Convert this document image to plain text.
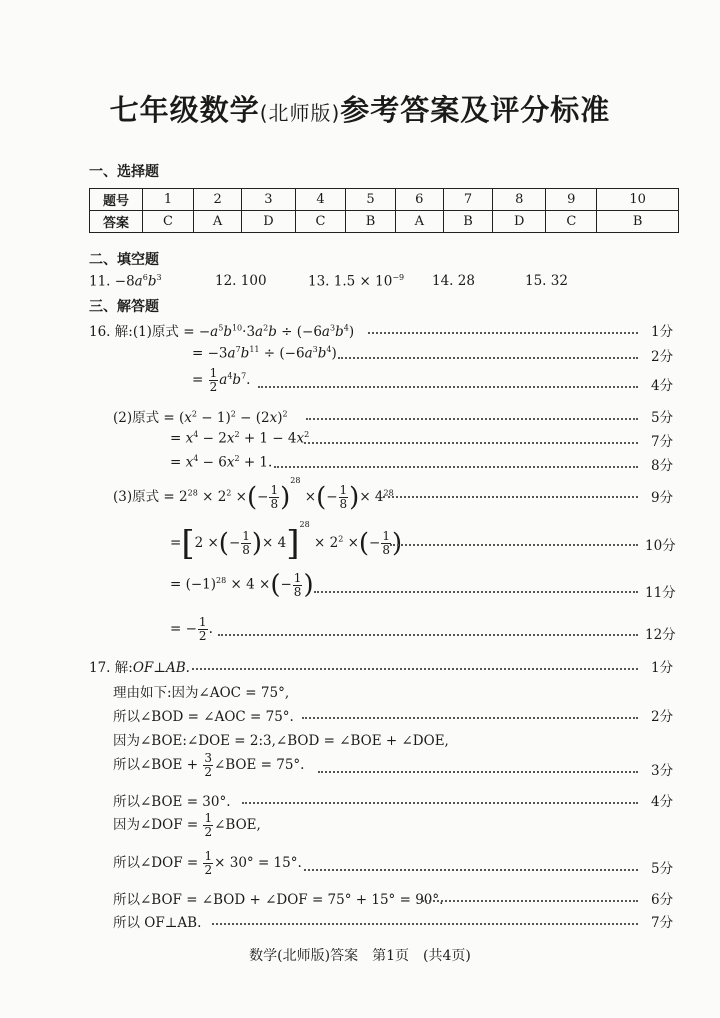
七年级数学(北师版)参考答案及评分标准
一、选择题
题号	1	2	3	4	5	6	7	8	9	10
答案	C	A	D	C	B	A	B	D	C	B
二、填空题
11. $-8a^6b^3$	12. 100	13. $1.5 \times 10^{-9}$ 14. 28	15. 32
三、解答题
16. 解:(1)原式 = $-a^5b^{10}\cdot 3a^2b \div (-6a^3b^4)$	1分
= $-3a^7b^{11} \div (-6a^3b^4)$	2分
= $\frac{1}{2} a^4b^7$.	4分
(2)原式 = $(x^2 - 1)^2 - (2x)^2$	5分
= $x^4 - 2x^2 + 1 - 4x^2$	7分
= $x^4 - 6x^2 + 1$.	8分
(3)原式 = $2^{28} \times 2^2$ ×(− $\frac{1}{8} )^{28}$ ×(− $\frac{1}{8}$ )× $4^{28}$	9分
=[2 ×(− $\frac{1}{8}$ )× $4]^{28} \times 2^2$ ×(− $\frac{1}{8}$ )	10分
= $(-1)^{28} \times 4$ ×(− $\frac{1}{8}$ )	11分
= − $\frac{1}{2}$ .	12分
17. 解:OF⊥AB.	1分
理由如下:因为∠AOC = 75°,
所以∠BOD = ∠AOC = 75°.	2分
因为∠BOE:∠DOE = 2:3,∠BOD = ∠BOE + ∠DOE,
所以∠BOE + $\frac{3}{2}$ ∠BOE = 75°.	3分
所以∠BOE = 30°.	4分
因为∠DOF = $\frac{1}{2}$ ∠BOE,
所以∠DOF = $\frac{1}{2} \times 30^\circ = 15^\circ$.	5分
所以∠BOF = ∠BOD + ∠DOF = 75° + 15° = 90°.	6分
所以 OF⊥AB.	7分
数学(北师版)答案　第1页　(共4页)
